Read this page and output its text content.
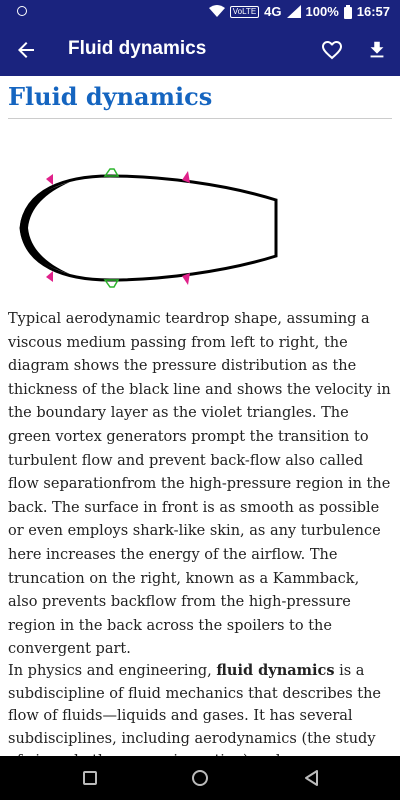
VoLTE 4G 100% 16:57
Fluid dynamics
Fluid dynamics

Typical aerodynamic teardrop shape, assuming a viscous medium passing from left to right, the diagram shows the pressure distribution as the thickness of the black line and shows the velocity in the boundary layer as the violet triangles. The green vortex generators prompt the transition to turbulent flow and prevent back-flow also called flow separationfrom the high-pressure region in the back. The surface in front is as smooth as possible or even employs shark-like skin, as any turbulence here increases the energy of the airflow. The truncation on the right, known as a Kammback, also prevents backflow from the high-pressure region in the back across the spoilers to the convergent part.

In physics and engineering, fluid dynamics is a subdiscipline of fluid mechanics that describes the flow of fluids—liquids and gases. It has several subdisciplines, including aerodynamics (the study
